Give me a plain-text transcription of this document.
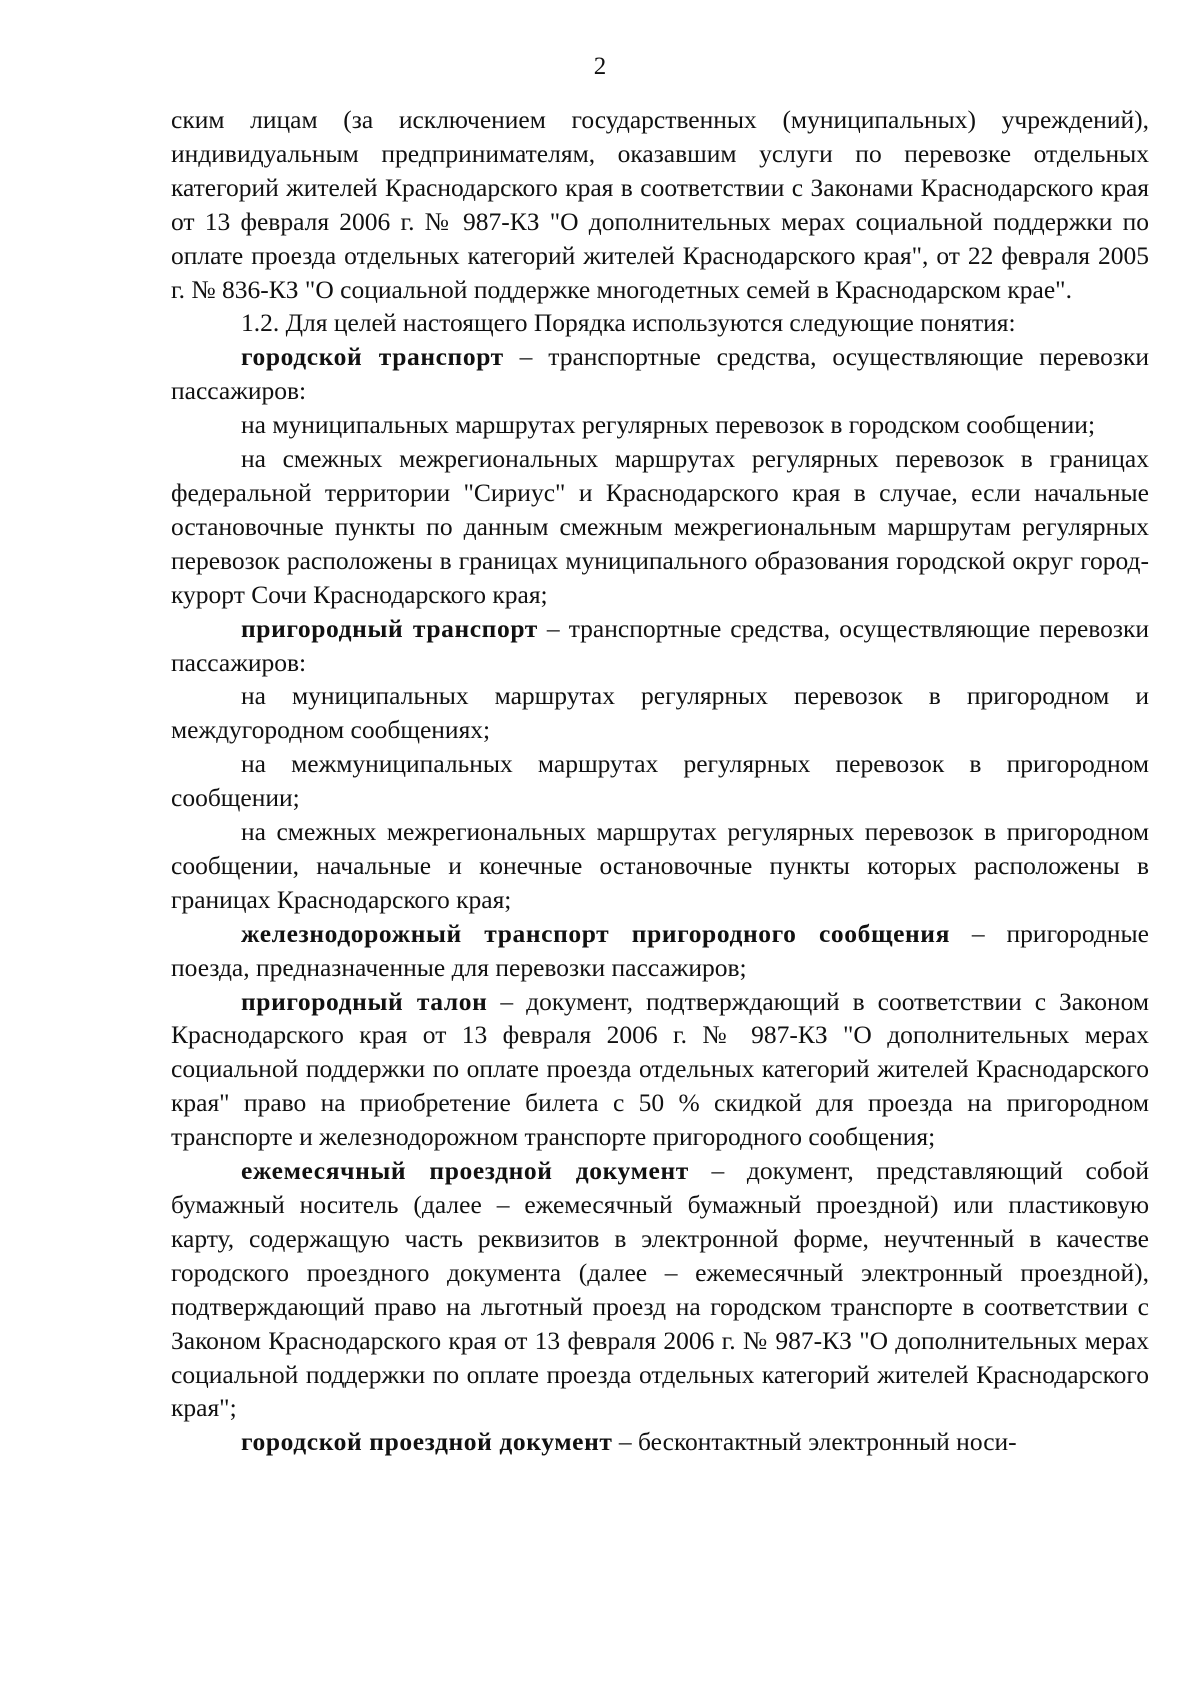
2

ским лицам (за исключением государственных (муниципальных) учреждений), индивидуальным предпринимателям, оказавшим услуги по перевозке отдельных категорий жителей Краснодарского края в соответствии с Законами Краснодарского края от 13 февраля 2006 г. № 987-КЗ "О дополнительных мерах социальной поддержки по оплате проезда отдельных категорий жителей Краснодарского края", от 22 февраля 2005 г. № 836-КЗ "О социальной поддержке многодетных семей в Краснодарском крае".

1.2. Для целей настоящего Порядка используются следующие понятия:

городской транспорт – транспортные средства, осуществляющие перевозки пассажиров:

на муниципальных маршрутах регулярных перевозок в городском сообщении;

на смежных межрегиональных маршрутах регулярных перевозок в границах федеральной территории "Сириус" и Краснодарского края в случае, если начальные остановочные пункты по данным смежным межрегиональным маршрутам регулярных перевозок расположены в границах муниципального образования городской округ город-курорт Сочи Краснодарского края;

пригородный транспорт – транспортные средства, осуществляющие перевозки пассажиров:

на муниципальных маршрутах регулярных перевозок в пригородном и междугородном сообщениях;

на межмуниципальных маршрутах регулярных перевозок в пригородном сообщении;

на смежных межрегиональных маршрутах регулярных перевозок в пригородном сообщении, начальные и конечные остановочные пункты которых расположены в границах Краснодарского края;

железнодорожный транспорт пригородного сообщения – пригородные поезда, предназначенные для перевозки пассажиров;

пригородный талон – документ, подтверждающий в соответствии с Законом Краснодарского края от 13 февраля 2006 г. № 987-КЗ "О дополнительных мерах социальной поддержки по оплате проезда отдельных категорий жителей Краснодарского края" право на приобретение билета с 50 % скидкой для проезда на пригородном транспорте и железнодорожном транспорте пригородного сообщения;

ежемесячный проездной документ – документ, представляющий собой бумажный носитель (далее – ежемесячный бумажный проездной) или пластиковую карту, содержащую часть реквизитов в электронной форме, неучтенный в качестве городского проездного документа (далее – ежемесячный электронный проездной), подтверждающий право на льготный проезд на городском транспорте в соответствии с Законом Краснодарского края от 13 февраля 2006 г. № 987-КЗ "О дополнительных мерах социальной поддержки по оплате проезда отдельных категорий жителей Краснодарского края";

городской проездной документ – бесконтактный электронный носи-
